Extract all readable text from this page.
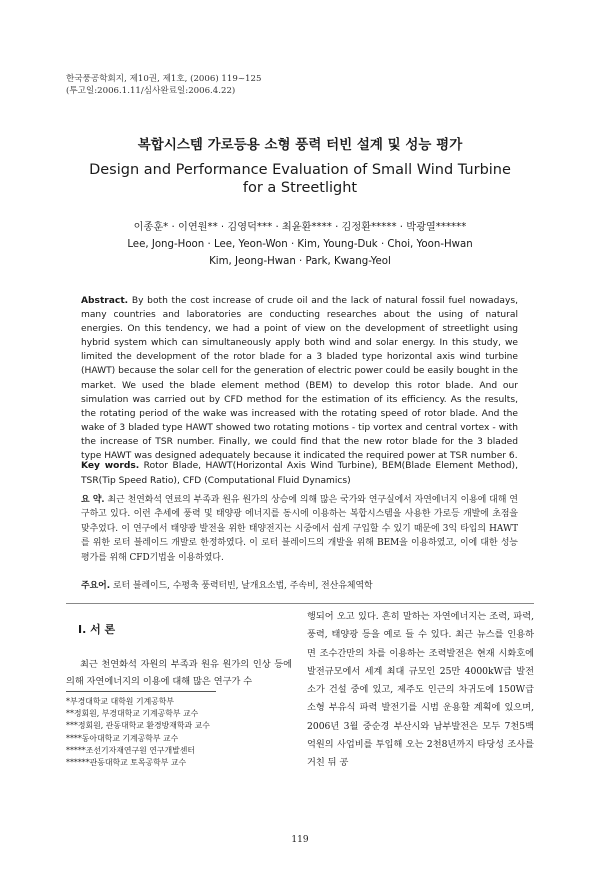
한국풍공학회지, 제10권, 제1호, (2006) 119~125
(투고일:2006.1.11/심사완료일:2006.4.22)
복합시스템 가로등용 소형 풍력 터빈 설계 및 성능 평가
Design and Performance Evaluation of Small Wind Turbine
for a Streetlight
이종훈* · 이연원** · 김영덕*** · 최윤환**** · 김정환***** · 박광열******
Lee, Jong-Hoon · Lee, Yeon-Won · Kim, Young-Duk · Choi, Yoon-Hwan
Kim, Jeong-Hwan · Park, Kwang-Yeol
Abstract. By both the cost increase of crude oil and the lack of natural fossil fuel nowadays, many countries and laboratories are conducting researches about the using of natural energies. On this tendency, we had a point of view on the development of streetlight using hybrid system which can simultaneously apply both wind and solar energy. In this study, we limited the development of the rotor blade for a 3 bladed type horizontal axis wind turbine (HAWT) because the solar cell for the generation of electric power could be easily bought in the market. We used the blade element method (BEM) to develop this rotor blade. And our simulation was carried out by CFD method for the estimation of its efficiency. As the results, the rotating period of the wake was increased with the rotating speed of rotor blade. And the wake of 3 bladed type HAWT showed two rotating motions - tip vortex and central vortex - with the increase of TSR number. Finally, we could find that the new rotor blade for the 3 bladed type HAWT was designed adequately because it indicated the required power at TSR number 6.
Key words. Rotor Blade, HAWT(Horizontal Axis Wind Turbine), BEM(Blade Element Method), TSR(Tip Speed Ratio), CFD (Computational Fluid Dynamics)
요 약. 최근 천연화석 연료의 부족과 원유 원가의 상승에 의해 많은 국가와 연구실에서 자연에너지 이용에 대해 연구하고 있다. 이런 추세에 풍력 및 태양광 에너지를 동시에 이용하는 복합시스템을 사용한 가로등 개발에 초점을 맞추었다. 이 연구에서 태양광 발전을 위한 태양전지는 시중에서 쉽게 구입할 수 있기 때문에 3익 타입의 HAWT를 위한 로터 블레이드 개발로 한정하였다. 이 로터 블레이드의 개발을 위해 BEM을 이용하였고, 이에 대한 성능평가를 위해 CFD기법을 이용하였다.
주요어. 로터 블레이드, 수평축 풍력터빈, 날개요소법, 주속비, 전산유체역학
I. 서 론
최근 천연화석 자원의 부족과 원유 원가의 인상 등에 의해 자연에너지의 이용에 대해 많은 연구가 수
행되어 오고 있다. 흔히 말하는 자연에너지는 조력, 파력, 풍력, 태양광 등을 예로 들 수 있다. 최근 뉴스를 인용하면 조수간만의 차를 이용하는 조력발전은 현재 시화호에 발전규모에서 세계 최대 규모인 25만 4000kW급 발전소가 건설 중에 있고, 제주도 인근의 차귀도에 150W급 소형 부유식 파력 발전기를 시범 운용할 계획에 있으며, 2006년 3월 중순경 부산시와 남부발전은 모두 7천5백억원의 사업비를 투입해 오는 2천8년까지 타당성 조사를 거친 뒤 공
*부경대학교 대학원 기계공학부
**정회원, 부경대학교 기계공학부 교수
***정회원, 관동대학교 환경방재학과 교수
****동아대학교 기계공학부 교수
*****조선기자재연구원 연구개발센터
******관동대학교 토목공학부 교수
119
